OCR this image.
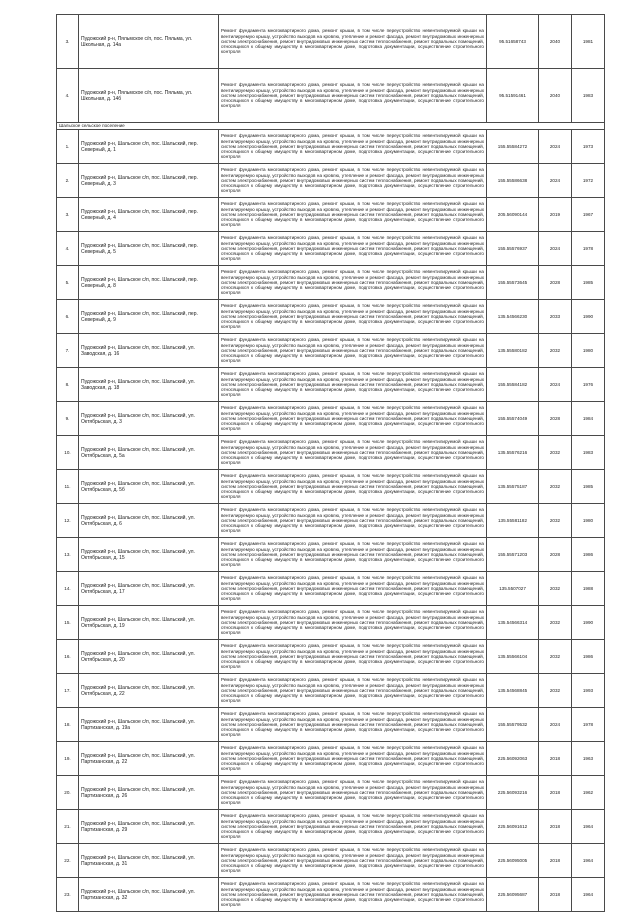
3.	Пудожский р-н, Пяльмское с/п, пос. Пяльма, ул. Школьная, д. 14а	Ремонт фундамента многоквартирного дома, ремонт крыши, в том числе переустройство невентилируемой крыши на вентилируемую крышу, устройство выходов на кровлю, утепление и ремонт фасада, ремонт внутридомовых инженерных систем электроснабжения, ремонт внутридомовых инженерных систем теплоснабжения, ремонт подвальных помещений, относящихся к общему имуществу в многоквартирном доме, подготовка документации, осуществление строительного контроля	95.51658743	2040	1981
4.	Пудожский р-н, Пяльмское с/п, пос. Пяльма, ул. Школьная, д. 14б	Ремонт фундамента многоквартирного дома, ремонт крыши, в том числе переустройство невентилируемой крыши на вентилируемую крышу, устройство выходов на кровлю, утепление и ремонт фасада, ремонт внутридомовых инженерных систем электроснабжения, ремонт внутридомовых инженерных систем теплоснабжения, ремонт подвальных помещений, относящихся к общему имуществу в многоквартирном доме, подготовка документации, осуществление строительного контроля	95.51591461	2040	1983
Шальское сельское поселение					
1.	Пудожский р-н, Шальское с/п, пос. Шальский, пер. Северный, д. 1	Ремонт фундамента многоквартирного дома, ремонт крыши, в том числе переустройство невентилируемой крыши на вентилируемую крышу, устройство выходов на кровлю, утепление и ремонт фасада, ремонт внутридомовых инженерных систем электроснабжения, ремонт внутридомовых инженерных систем теплоснабжения, ремонт подвальных помещений, относящихся к общему имуществу в многоквартирном доме, подготовка документации, осуществление строительного контроля	155.55584272	2024	1973
2.	Пудожский р-н, Шальское с/п, пос. Шальский, пер. Северный, д. 3	Ремонт фундамента многоквартирного дома, ремонт крыши, в том числе переустройство невентилируемой крыши на вентилируемую крышу, устройство выходов на кровлю, утепление и ремонт фасада, ремонт внутридомовых инженерных систем электроснабжения, ремонт внутридомовых инженерных систем теплоснабжения, ремонт подвальных помещений, относящихся к общему имуществу в многоквартирном доме, подготовка документации, осуществление строительного контроля	155.55586638	2024	1972
3.	Пудожский р-н, Шальское с/п, пос. Шальский, пер. Северный, д. 4	Ремонт фундамента многоквартирного дома, ремонт крыши, в том числе переустройство невентилируемой крыши на вентилируемую крышу, устройство выходов на кровлю, утепление и ремонт фасада, ремонт внутридомовых инженерных систем электроснабжения, ремонт внутридомовых инженерных систем теплоснабжения, ремонт подвальных помещений, относящихся к общему имуществу в многоквартирном доме, подготовка документации, осуществление строительного контроля	205.56090144	2019	1967
4.	Пудожский р-н, Шальское с/п, пос. Шальский, пер. Северный, д. 5	Ремонт фундамента многоквартирного дома, ремонт крыши, в том числе переустройство невентилируемой крыши на вентилируемую крышу, устройство выходов на кровлю, утепление и ремонт фасада, ремонт внутридомовых инженерных систем электроснабжения, ремонт внутридомовых инженерных систем теплоснабжения, ремонт подвальных помещений, относящихся к общему имуществу в многоквартирном доме, подготовка документации, осуществление строительного контроля	155.55576937	2024	1978
5.	Пудожский р-н, Шальское с/п, пос. Шальский, пер. Северный, д. 8	Ремонт фундамента многоквартирного дома, ремонт крыши, в том числе переустройство невентилируемой крыши на вентилируемую крышу, устройство выходов на кровлю, утепление и ремонт фасада, ремонт внутридомовых инженерных систем электроснабжения, ремонт внутридомовых инженерных систем теплоснабжения, ремонт подвальных помещений, относящихся к общему имуществу в многоквартирном доме, подготовка документации, осуществление строительного контроля	155.55573645	2028	1985
6.	Пудожский р-н, Шальское с/п, пос. Шальский, пер. Северный, д. 9	Ремонт фундамента многоквартирного дома, ремонт крыши, в том числе переустройство невентилируемой крыши на вентилируемую крышу, устройство выходов на кровлю, утепление и ремонт фасада, ремонт внутридомовых инженерных систем электроснабжения, ремонт внутридомовых инженерных систем теплоснабжения, ремонт подвальных помещений, относящихся к общему имуществу в многоквартирном доме, подготовка документации, осуществление строительного контроля	135.54566230	2033	1990
7.	Пудожский р-н, Шальское с/п, пос. Шальский, ул. Заводская, д. 16	Ремонт фундамента многоквартирного дома, ремонт крыши, в том числе переустройство невентилируемой крыши на вентилируемую крышу, устройство выходов на кровлю, утепление и ремонт фасада, ремонт внутридомовых инженерных систем электроснабжения, ремонт внутридомовых инженерных систем теплоснабжения, ремонт подвальных помещений, относящихся к общему имуществу в многоквартирном доме, подготовка документации, осуществление строительного контроля	135.55580182	2032	1980
8.	Пудожский р-н, Шальское с/п, пос. Шальский, ул. Заводская, д. 18	Ремонт фундамента многоквартирного дома, ремонт крыши, в том числе переустройство невентилируемой крыши на вентилируемую крышу, устройство выходов на кровлю, утепление и ремонт фасада, ремонт внутридомовых инженерных систем электроснабжения, ремонт внутридомовых инженерных систем теплоснабжения, ремонт подвальных помещений, относящихся к общему имуществу в многоквартирном доме, подготовка документации, осуществление строительного контроля	155.55584182	2024	1976
9.	Пудожский р-н, Шальское с/п, пос. Шальский, ул. Октябрьская, д. 3	Ремонт фундамента многоквартирного дома, ремонт крыши, в том числе переустройство невентилируемой крыши на вентилируемую крышу, устройство выходов на кровлю, утепление и ремонт фасада, ремонт внутридомовых инженерных систем электроснабжения, ремонт внутридомовых инженерных систем теплоснабжения, ремонт подвальных помещений, относящихся к общему имуществу в многоквартирном доме, подготовка документации, осуществление строительного контроля	155.55574049	2028	1984
10.	Пудожский р-н, Шальское с/п, пос. Шальский, ул. Октябрьская, д. 5а	Ремонт фундамента многоквартирного дома, ремонт крыши, в том числе переустройство невентилируемой крыши на вентилируемую крышу, устройство выходов на кровлю, утепление и ремонт фасада, ремонт внутридомовых инженерных систем электроснабжения, ремонт внутридомовых инженерных систем теплоснабжения, ремонт подвальных помещений, относящихся к общему имуществу в многоквартирном доме, подготовка документации, осуществление строительного контроля	135.55576216	2032	1983
11.	Пудожский р-н, Шальское с/п, пос. Шальский, ул. Октябрьская, д. 5б	Ремонт фундамента многоквартирного дома, ремонт крыши, в том числе переустройство невентилируемой крыши на вентилируемую крышу, устройство выходов на кровлю, утепление и ремонт фасада, ремонт внутридомовых инженерных систем электроснабжения, ремонт внутридомовых инженерных систем теплоснабжения, ремонт подвальных помещений, относящихся к общему имуществу в многоквартирном доме, подготовка документации, осуществление строительного контроля	135.55575187	2032	1985
12.	Пудожский р-н, Шальское с/п, пос. Шальский, ул. Октябрьская, д. 6	Ремонт фундамента многоквартирного дома, ремонт крыши, в том числе переустройство невентилируемой крыши на вентилируемую крышу, устройство выходов на кровлю, утепление и ремонт фасада, ремонт внутридомовых инженерных систем электроснабжения, ремонт внутридомовых инженерных систем теплоснабжения, ремонт подвальных помещений, относящихся к общему имуществу в многоквартирном доме, подготовка документации, осуществление строительного контроля	135.55581182	2032	1980
13.	Пудожский р-н, Шальское с/п, пос. Шальский, ул. Октябрьская, д. 15	Ремонт фундамента многоквартирного дома, ремонт крыши, в том числе переустройство невентилируемой крыши на вентилируемую крышу, устройство выходов на кровлю, утепление и ремонт фасада, ремонт внутридомовых инженерных систем электроснабжения, ремонт внутридомовых инженерных систем теплоснабжения, ремонт подвальных помещений, относящихся к общему имуществу в многоквартирном доме, подготовка документации, осуществление строительного контроля	155.55571203	2028	1986
14.	Пудожский р-н, Шальское с/п, пос. Шальский, ул. Октябрьская, д. 17	Ремонт фундамента многоквартирного дома, ремонт крыши, в том числе переустройство невентилируемой крыши на вентилируемую крышу, устройство выходов на кровлю, утепление и ремонт фасада, ремонт внутридомовых инженерных систем электроснабжения, ремонт внутридомовых инженерных систем теплоснабжения, ремонт подвальных помещений, относящихся к общему имуществу в многоквартирном доме, подготовка документации, осуществление строительного контроля	135.5507027	2032	1988
15.	Пудожский р-н, Шальское с/п, пос. Шальский, ул. Октябрьская, д. 19	Ремонт фундамента многоквартирного дома, ремонт крыши, в том числе переустройство невентилируемой крыши на вентилируемую крышу, устройство выходов на кровлю, утепление и ремонт фасада, ремонт внутридомовых инженерных систем электроснабжения, ремонт внутридомовых инженерных систем теплоснабжения, ремонт подвальных помещений, относящихся к общему имуществу в многоквартирном доме, подготовка документации, осуществление строительного контроля	135.54566314	2032	1990
16.	Пудожский р-н, Шальское с/п, пос. Шальский, ул. Октябрьская, д. 20	Ремонт фундамента многоквартирного дома, ремонт крыши, в том числе переустройство невентилируемой крыши на вентилируемую крышу, устройство выходов на кровлю, утепление и ремонт фасада, ремонт внутридомовых инженерных систем электроснабжения, ремонт внутридомовых инженерных систем теплоснабжения, ремонт подвальных помещений, относящихся к общему имуществу в многоквартирном доме, подготовка документации, осуществление строительного контроля	135.55566104	2032	1986
17.	Пудожский р-н, Шальское с/п, пос. Шальский, ул. Октябрьская, д. 22	Ремонт фундамента многоквартирного дома, ремонт крыши, в том числе переустройство невентилируемой крыши на вентилируемую крышу, устройство выходов на кровлю, утепление и ремонт фасада, ремонт внутридомовых инженерных систем электроснабжения, ремонт внутридомовых инженерных систем теплоснабжения, ремонт подвальных помещений, относящихся к общему имуществу в многоквартирном доме, подготовка документации, осуществление строительного контроля	135.54568845	2032	1993
18.	Пудожский р-н, Шальское с/п, пос. Шальский, ул. Партизанская, д. 19а	Ремонт фундамента многоквартирного дома, ремонт крыши, в том числе переустройство невентилируемой крыши на вентилируемую крышу, устройство выходов на кровлю, утепление и ремонт фасада, ремонт внутридомовых инженерных систем электроснабжения, ремонт внутридомовых инженерных систем теплоснабжения, ремонт подвальных помещений, относящихся к общему имуществу в многоквартирном доме, подготовка документации, осуществление строительного контроля	155.55579532	2024	1978
19.	Пудожский р-н, Шальское с/п, пос. Шальский, ул. Партизанская, д. 22	Ремонт фундамента многоквартирного дома, ремонт крыши, в том числе переустройство невентилируемой крыши на вентилируемую крышу, устройство выходов на кровлю, утепление и ремонт фасада, ремонт внутридомовых инженерных систем электроснабжения, ремонт внутридомовых инженерных систем теплоснабжения, ремонт подвальных помещений, относящихся к общему имуществу в многоквартирном доме, подготовка документации, осуществление строительного контроля	225.56092063	2018	1963
20.	Пудожский р-н, Шальское с/п, пос. Шальский, ул. Партизанская, д. 26	Ремонт фундамента многоквартирного дома, ремонт крыши, в том числе переустройство невентилируемой крыши на вентилируемую крышу, устройство выходов на кровлю, утепление и ремонт фасада, ремонт внутридомовых инженерных систем электроснабжения, ремонт внутридомовых инженерных систем теплоснабжения, ремонт подвальных помещений, относящихся к общему имуществу в многоквартирном доме, подготовка документации, осуществление строительного контроля	225.56093216	2018	1962
21.	Пудожский р-н, Шальское с/п, пос. Шальский, ул. Партизанская, д. 29	Ремонт фундамента многоквартирного дома, ремонт крыши, в том числе переустройство невентилируемой крыши на вентилируемую крышу, устройство выходов на кровлю, утепление и ремонт фасада, ремонт внутридомовых инженерных систем электроснабжения, ремонт внутридомовых инженерных систем теплоснабжения, ремонт подвальных помещений, относящихся к общему имуществу в многоквартирном доме, подготовка документации, осуществление строительного контроля	225.56091612	2018	1964
22.	Пудожский р-н, Шальское с/п, пос. Шальский, ул. Партизанская, д. 31	Ремонт фундамента многоквартирного дома, ремонт крыши, в том числе переустройство невентилируемой крыши на вентилируемую крышу, устройство выходов на кровлю, утепление и ремонт фасада, ремонт внутридомовых инженерных систем электроснабжения, ремонт внутридомовых инженерных систем теплоснабжения, ремонт подвальных помещений, относящихся к общему имуществу в многоквартирном доме, подготовка документации, осуществление строительного контроля	225.56095005	2018	1964
23.	Пудожский р-н, Шальское с/п, пос. Шальский, ул. Партизанская, д. 32	Ремонт фундамента многоквартирного дома, ремонт крыши, в том числе переустройство невентилируемой крыши на вентилируемую крышу, устройство выходов на кровлю, утепление и ремонт фасада, ремонт внутридомовых инженерных систем электроснабжения, ремонт внутридомовых инженерных систем теплоснабжения, ремонт подвальных помещений, относящихся к общему имуществу в многоквартирном доме, подготовка документации, осуществление строительного контроля	225.56095687	2018	1964
